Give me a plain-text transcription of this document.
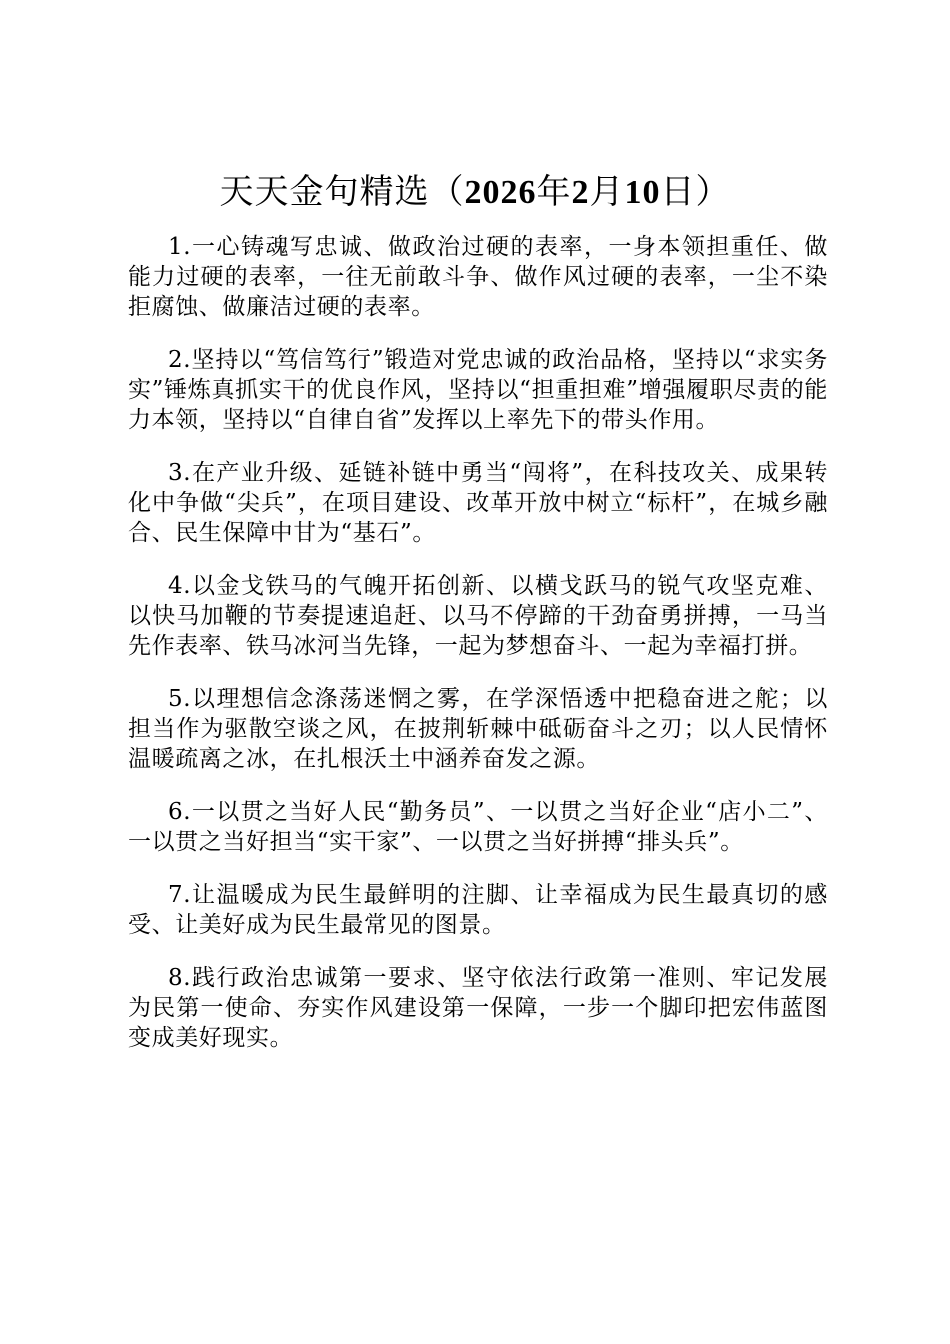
天天金句精选（2026年2月10日）

1.一心铸魂写忠诚、做政治过硬的表率，一身本领担重任、做能力过硬的表率，一往无前敢斗争、做作风过硬的表率，一尘不染拒腐蚀、做廉洁过硬的表率。

2.坚持以“笃信笃行”锻造对党忠诚的政治品格，坚持以“求实务实”锤炼真抓实干的优良作风，坚持以“担重担难”增强履职尽责的能力本领，坚持以“自律自省”发挥以上率先下的带头作用。

3.在产业升级、延链补链中勇当“闯将”，在科技攻关、成果转化中争做“尖兵”，在项目建设、改革开放中树立“标杆”，在城乡融合、民生保障中甘为“基石”。

4.以金戈铁马的气魄开拓创新、以横戈跃马的锐气攻坚克难、以快马加鞭的节奏提速追赶、以马不停蹄的干劲奋勇拼搏，一马当先作表率、铁马冰河当先锋，一起为梦想奋斗、一起为幸福打拼。

5.以理想信念涤荡迷惘之雾，在学深悟透中把稳奋进之舵；以担当作为驱散空谈之风，在披荆斩棘中砥砺奋斗之刃；以人民情怀温暖疏离之冰，在扎根沃土中涵养奋发之源。

6.一以贯之当好人民“勤务员”、一以贯之当好企业“店小二”、一以贯之当好担当“实干家”、一以贯之当好拼搏“排头兵”。

7.让温暖成为民生最鲜明的注脚、让幸福成为民生最真切的感受、让美好成为民生最常见的图景。

8.践行政治忠诚第一要求、坚守依法行政第一准则、牢记发展为民第一使命、夯实作风建设第一保障，一步一个脚印把宏伟蓝图变成美好现实。
